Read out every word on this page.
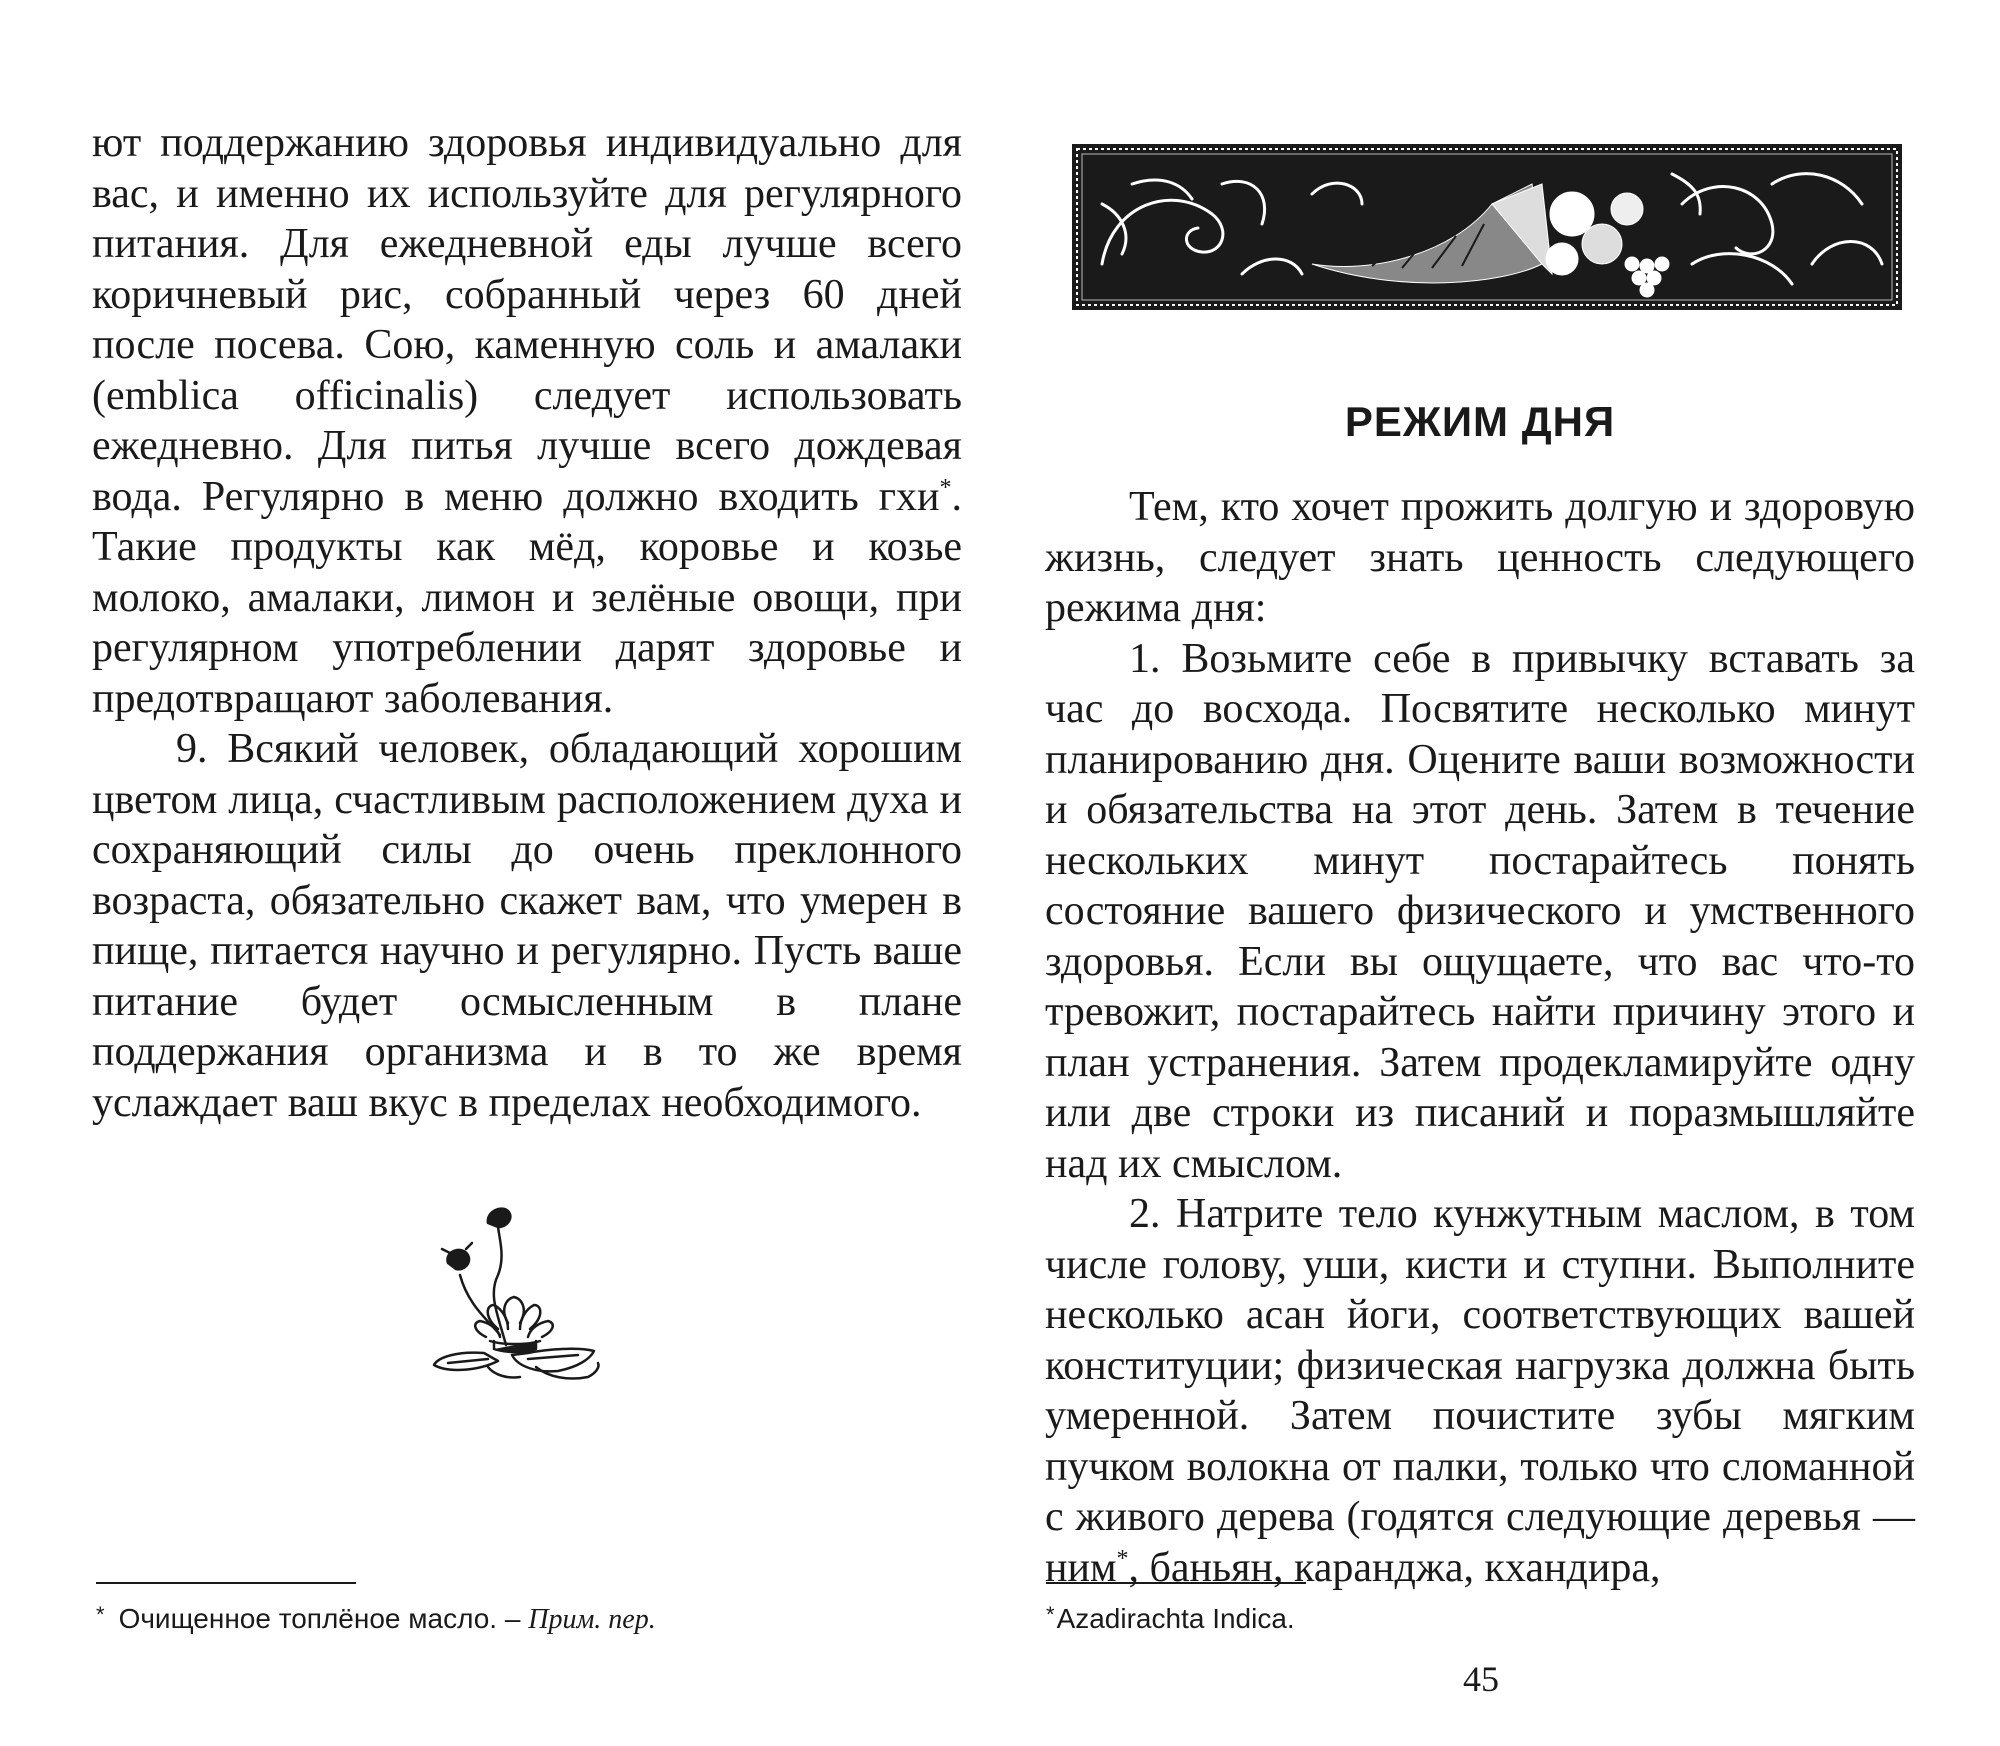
ют поддержанию здоровья индивидуально для вас, и именно их используйте для регулярного питания. Для ежедневной еды лучше всего коричневый рис, собранный через 60 дней после посева. Сою, каменную соль и амалаки (emblica officinalis) следует использовать ежедневно. Для питья лучше всего дождевая вода. Регулярно в меню должно входить гхи*. Такие продукты как мёд, коровье и козье молоко, амалаки, лимон и зелёные овощи, при регулярном употреблении дарят здоровье и предотвращают заболевания.

9. Всякий человек, обладающий хорошим цветом лица, счастливым расположением духа и сохраняющий силы до очень преклонного возраста, обязательно скажет вам, что умерен в пище, питается научно и регулярно. Пусть ваше питание будет осмысленным в плане поддержания организма и в то же время услаждает ваш вкус в пределах необходимого.

* Очищенное топлёное масло. – Прим. пер.
РЕЖИМ ДНЯ

Тем, кто хочет прожить долгую и здоровую жизнь, следует знать ценность следующего режима дня:

1. Возьмите себе в привычку вставать за час до восхода. Посвятите несколько минут планированию дня. Оцените ваши возможности и обязательства на этот день. Затем в течение нескольких минут постарайтесь понять состояние вашего физического и умственного здоровья. Если вы ощущаете, что вас что-то тревожит, постарайтесь найти причину этого и план устранения. Затем продекламируйте одну или две строки из писаний и поразмышляйте над их смыслом.

2. Натрите тело кунжутным маслом, в том числе голову, уши, кисти и ступни. Выполните несколько асан йоги, соответствующих вашей конституции; физическая нагрузка должна быть умеренной. Затем почистите зубы мягким пучком волокна от палки, только что сломанной с живого дерева (годятся следующие деревья — ним*, баньян, каранджа, кхандира,

*Azadirachta Indica.
45
